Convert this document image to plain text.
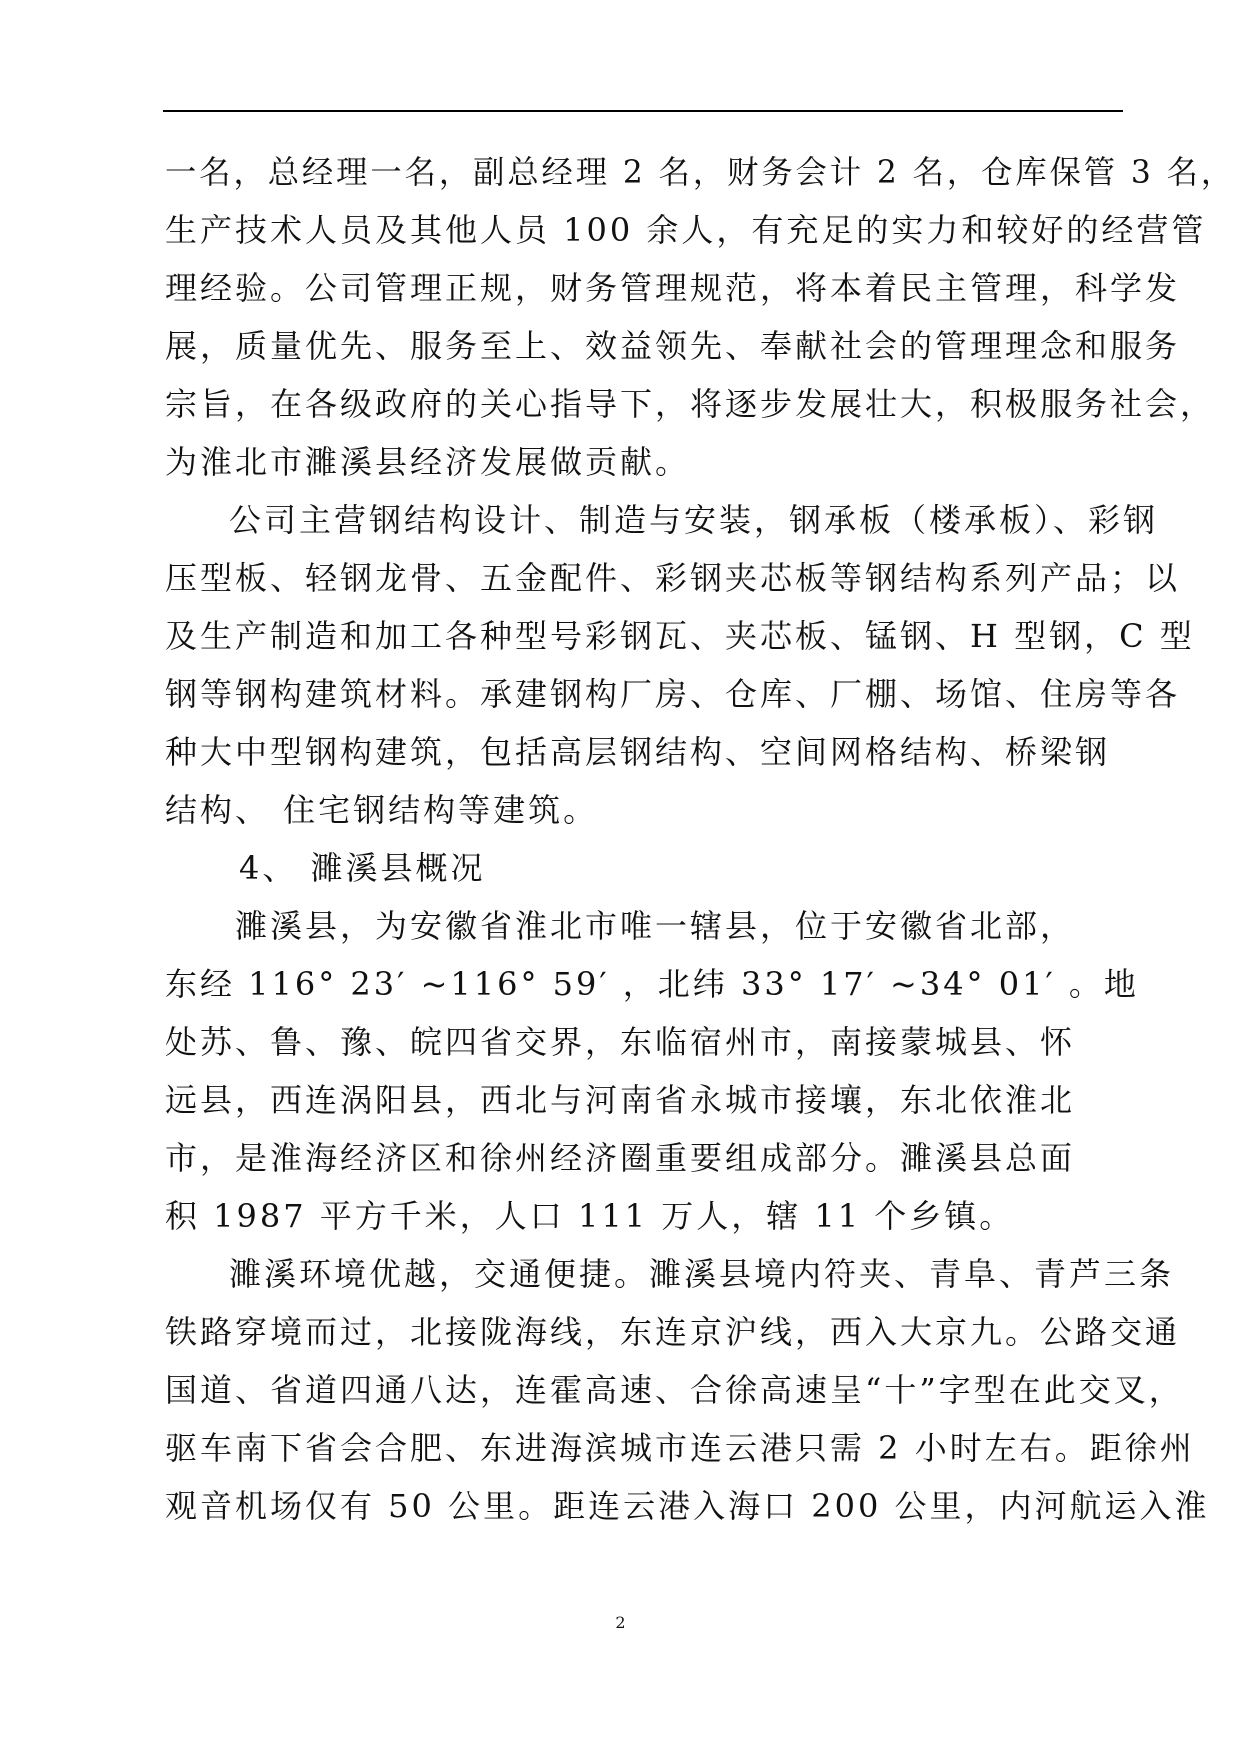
一名，总经理一名，副总经理 2 名，财务会计 2 名，仓库保管 3 名，
生产技术人员及其他人员 100 余人，有充足的实力和较好的经营管
理经验。公司管理正规，财务管理规范，将本着民主管理，科学发
展，质量优先、服务至上、效益领先、奉献社会的管理理念和服务
宗旨，在各级政府的关心指导下，将逐步发展壮大，积极服务社会，
为淮北市濉溪县经济发展做贡献。
公司主营钢结构设计、制造与安装，钢承板（楼承板）、彩钢
压型板、轻钢龙骨、五金配件、彩钢夹芯板等钢结构系列产品；以
及生产制造和加工各种型号彩钢瓦、夹芯板、锰钢、H 型钢，C 型
钢等钢构建筑材料。承建钢构厂房、仓库、厂棚、场馆、住房等各
种大中型钢构建筑，包括高层钢结构、空间网格结构、桥梁钢
结构、 住宅钢结构等建筑。
4、 濉溪县概况
濉溪县，为安徽省淮北市唯一辖县，位于安徽省北部，
东经 116° 23′ ~116° 59′ ，北纬 33° 17′ ~34° 01′ 。地
处苏、鲁、豫、皖四省交界，东临宿州市，南接蒙城县、怀
远县，西连涡阳县，西北与河南省永城市接壤，东北依淮北
市，是淮海经济区和徐州经济圈重要组成部分。濉溪县总面
积 1987 平方千米，人口 111 万人，辖 11 个乡镇。
濉溪环境优越，交通便捷。濉溪县境内符夹、青阜、青芦三条
铁路穿境而过，北接陇海线，东连京沪线，西入大京九。公路交通
国道、省道四通八达，连霍高速、合徐高速呈“十”字型在此交叉，
驱车南下省会合肥、东进海滨城市连云港只需 2 小时左右。距徐州
观音机场仅有 50 公里。距连云港入海口 200 公里，内河航运入淮
2
